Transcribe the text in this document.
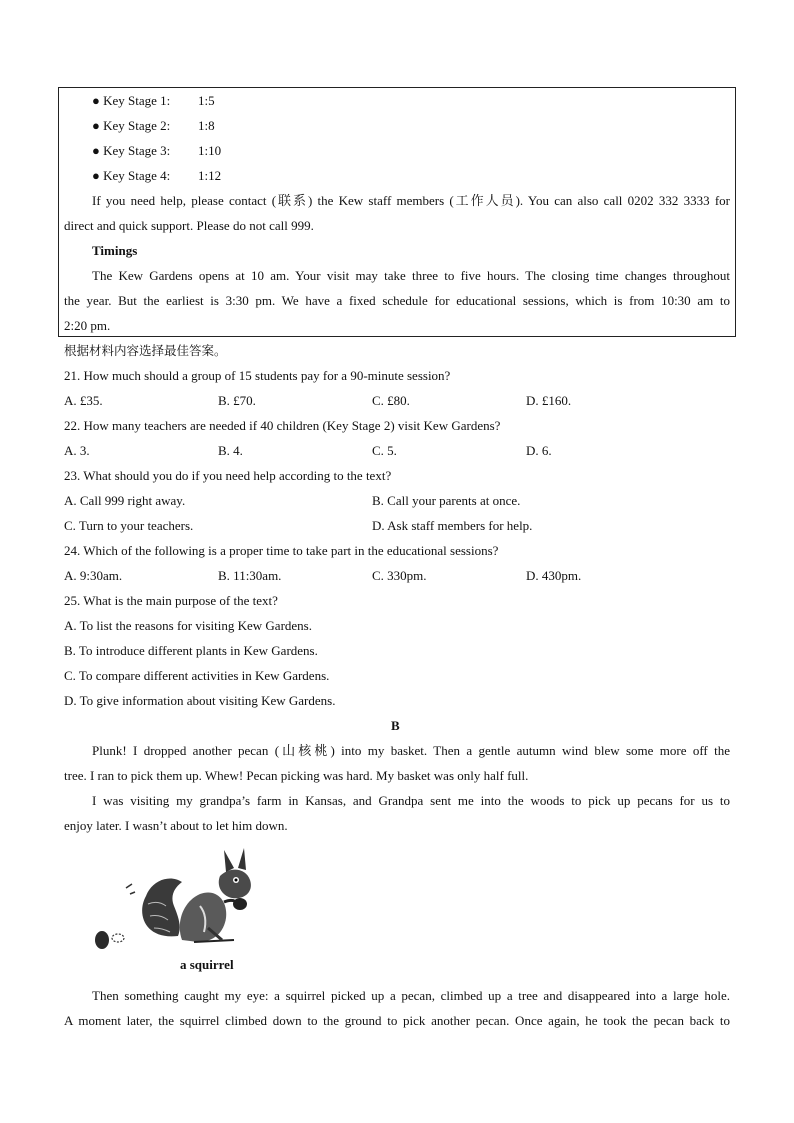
● Key Stage 1: 1:5
● Key Stage 2: 1:8
● Key Stage 3: 1:10
● Key Stage 4: 1:12
If you need help, please contact (联系) the Kew staff members (工作人员). You can also call 0202 332 3333 for
direct and quick support. Please do not call 999.
Timings
The Kew Gardens opens at 10 am. Your visit may take three to five hours. The closing time changes throughout
the year. But the earliest is 3:30 pm. We have a fixed schedule for educational sessions, which is from 10:30 am to
2:20 pm.
根据材料内容选择最佳答案。
21. How much should a group of 15 students pay for a 90-minute session?
A. £35.	B. £70.	C. £80.	D. £160.
22. How many teachers are needed if 40 children (Key Stage 2) visit Kew Gardens?
A. 3.	B. 4.	C. 5.	D. 6.
23. What should you do if you need help according to the text?
A. Call 999 right away.	B. Call your parents at once.
C. Turn to your teachers.	D. Ask staff members for help.
24. Which of the following is a proper time to take part in the educational sessions?
A. 9:30am.	B. 11:30am.	C. 330pm.	D. 430pm.
25. What is the main purpose of the text?
A. To list the reasons for visiting Kew Gardens.
B. To introduce different plants in Kew Gardens.
C. To compare different activities in Kew Gardens.
D. To give information about visiting Kew Gardens.
B
Plunk! I dropped another pecan (山核桃) into my basket. Then a gentle autumn wind blew some more off the
tree. I ran to pick them up. Whew! Pecan picking was hard. My basket was only half full.
I was visiting my grandpa’s farm in Kansas, and Grandpa sent me into the woods to pick up pecans for us to
enjoy later. I wasn’t about to let him down.
a squirrel
Then something caught my eye: a squirrel picked up a pecan, climbed up a tree and disappeared into a large hole.
A moment later, the squirrel climbed down to the ground to pick another pecan. Once again, he took the pecan back to
